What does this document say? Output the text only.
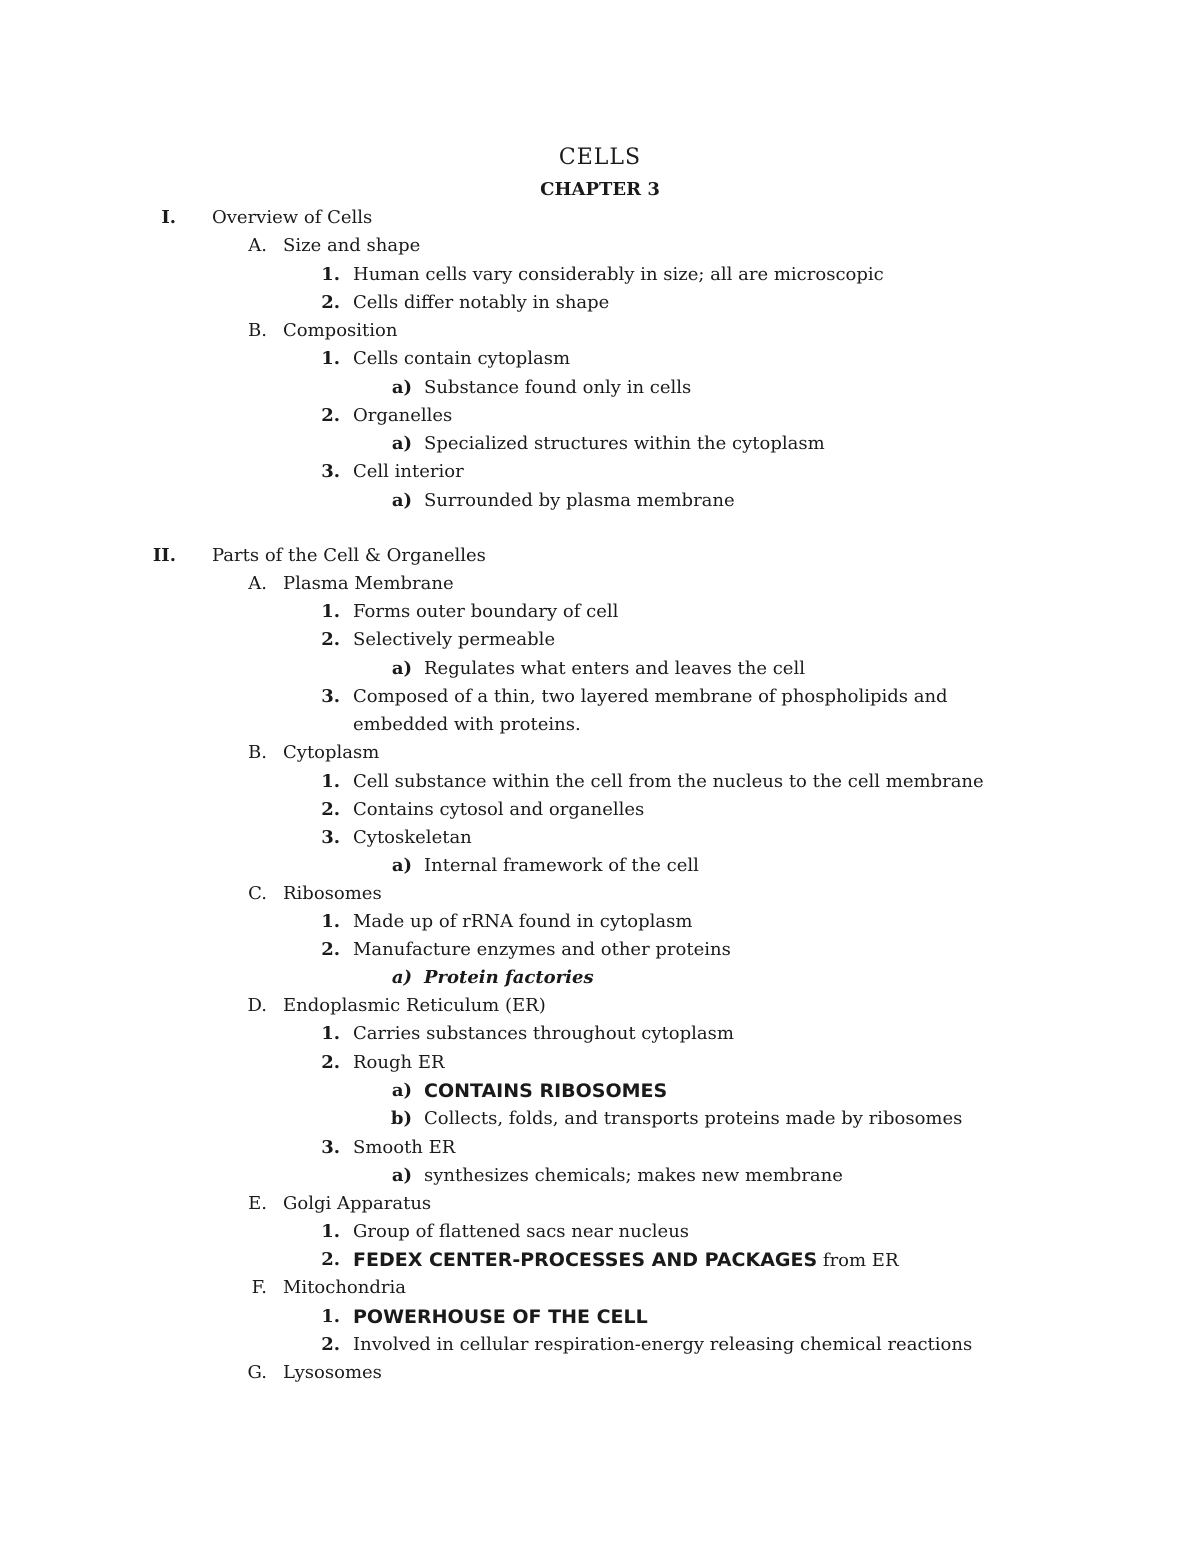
CELLS
CHAPTER 3
I. Overview of Cells
A. Size and shape
1. Human cells vary considerably in size; all are microscopic
2. Cells differ notably in shape
B. Composition
1. Cells contain cytoplasm
a) Substance found only in cells
2. Organelles
a) Specialized structures within the cytoplasm
3. Cell interior
a) Surrounded by plasma membrane
II. Parts of the Cell & Organelles
A. Plasma Membrane
1. Forms outer boundary of cell
2. Selectively permeable
a) Regulates what enters and leaves the cell
3. Composed of a thin, two layered membrane of phospholipids and
embedded with proteins.
B. Cytoplasm
1. Cell substance within the cell from the nucleus to the cell membrane
2. Contains cytosol and organelles
3. Cytoskeletan
a) Internal framework of the cell
C. Ribosomes
1. Made up of rRNA found in cytoplasm
2. Manufacture enzymes and other proteins
a) Protein factories
D. Endoplasmic Reticulum (ER)
1. Carries substances throughout cytoplasm
2. Rough ER
a) CONTAINS RIBOSOMES
b) Collects, folds, and transports proteins made by ribosomes
3. Smooth ER
a) synthesizes chemicals; makes new membrane
E. Golgi Apparatus
1. Group of flattened sacs near nucleus
2. FEDEX CENTER-PROCESSES AND PACKAGES from ER
F. Mitochondria
1. POWERHOUSE OF THE CELL
2. Involved in cellular respiration-energy releasing chemical reactions
G. Lysosomes
